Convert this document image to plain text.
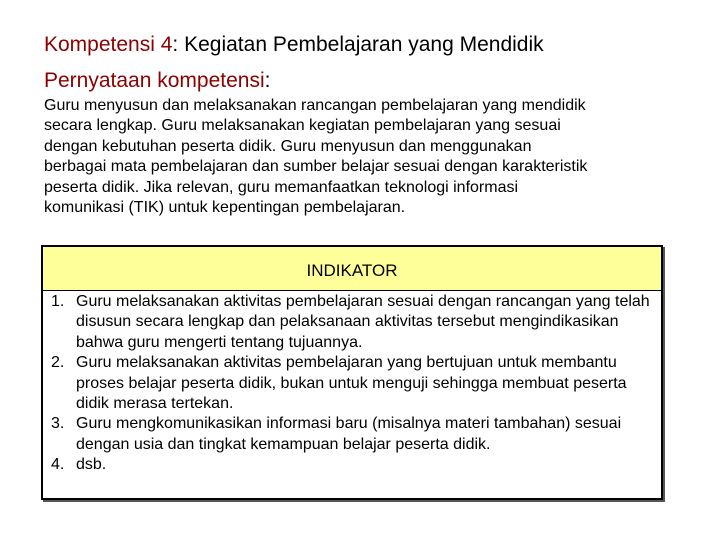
Kompetensi 4: Kegiatan Pembelajaran yang Mendidik
Pernyataan kompetensi:
Guru menyusun dan melaksanakan rancangan pembelajaran yang mendidik
secara lengkap. Guru melaksanakan kegiatan pembelajaran yang sesuai
dengan kebutuhan peserta didik. Guru menyusun dan menggunakan
berbagai mata pembelajaran dan sumber belajar sesuai dengan karakteristik
peserta didik. Jika relevan, guru memanfaatkan teknologi informasi
komunikasi (TIK) untuk kepentingan pembelajaran.
INDIKATOR
1. Guru melaksanakan aktivitas pembelajaran sesuai dengan rancangan yang telah disusun secara lengkap dan pelaksanaan aktivitas tersebut mengindikasikan bahwa guru mengerti tentang tujuannya.
2. Guru melaksanakan aktivitas pembelajaran yang bertujuan untuk membantu proses belajar peserta didik, bukan untuk menguji sehingga membuat peserta didik merasa tertekan.
3. Guru mengkomunikasikan informasi baru (misalnya materi tambahan) sesuai dengan usia dan tingkat kemampuan belajar peserta didik.
4. dsb.
